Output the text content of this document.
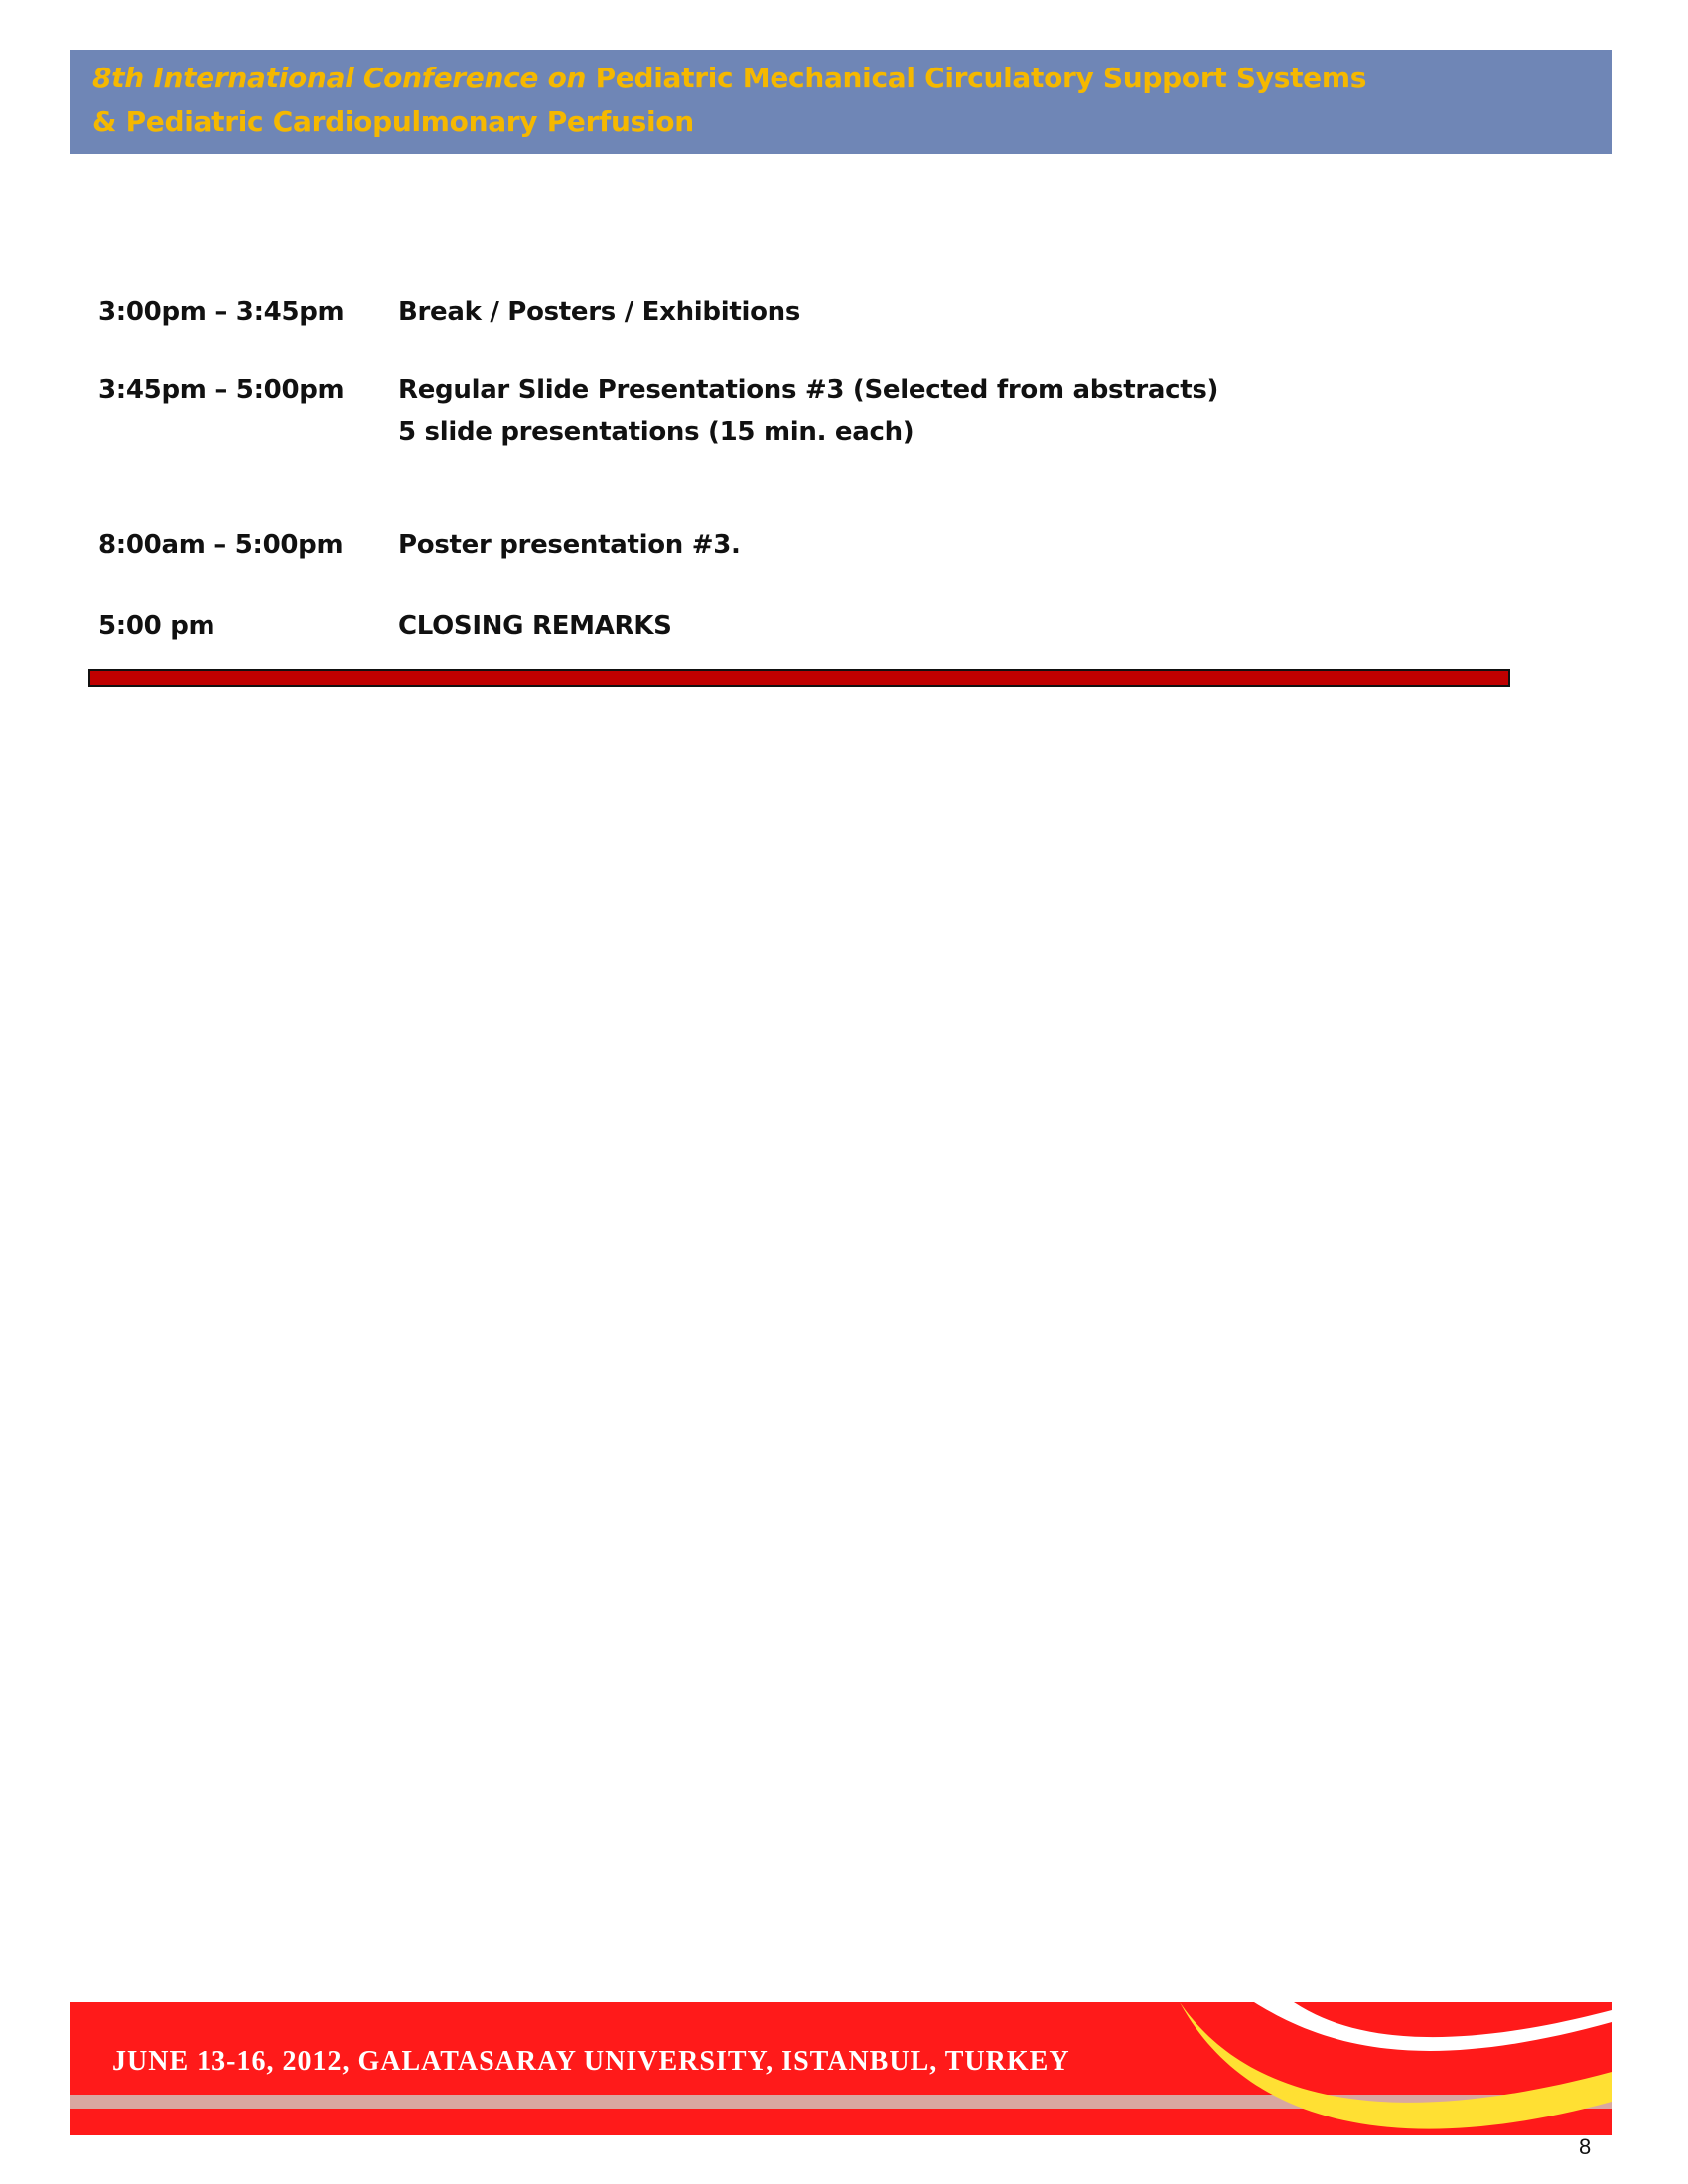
8th International Conference on Pediatric Mechanical Circulatory Support Systems
& Pediatric Cardiopulmonary Perfusion
3:00pm – 3:45pm Break / Posters / Exhibitions
3:45pm – 5:00pm Regular Slide Presentations #3 (Selected from abstracts)
5 slide presentations (15 min. each)
8:00am – 5:00pm Poster presentation #3.
5:00 pm	CLOSING REMARKS
JUNE 13-16, 2012, GALATASARAY UNIVERSITY, ISTANBUL, TURKEY
8
